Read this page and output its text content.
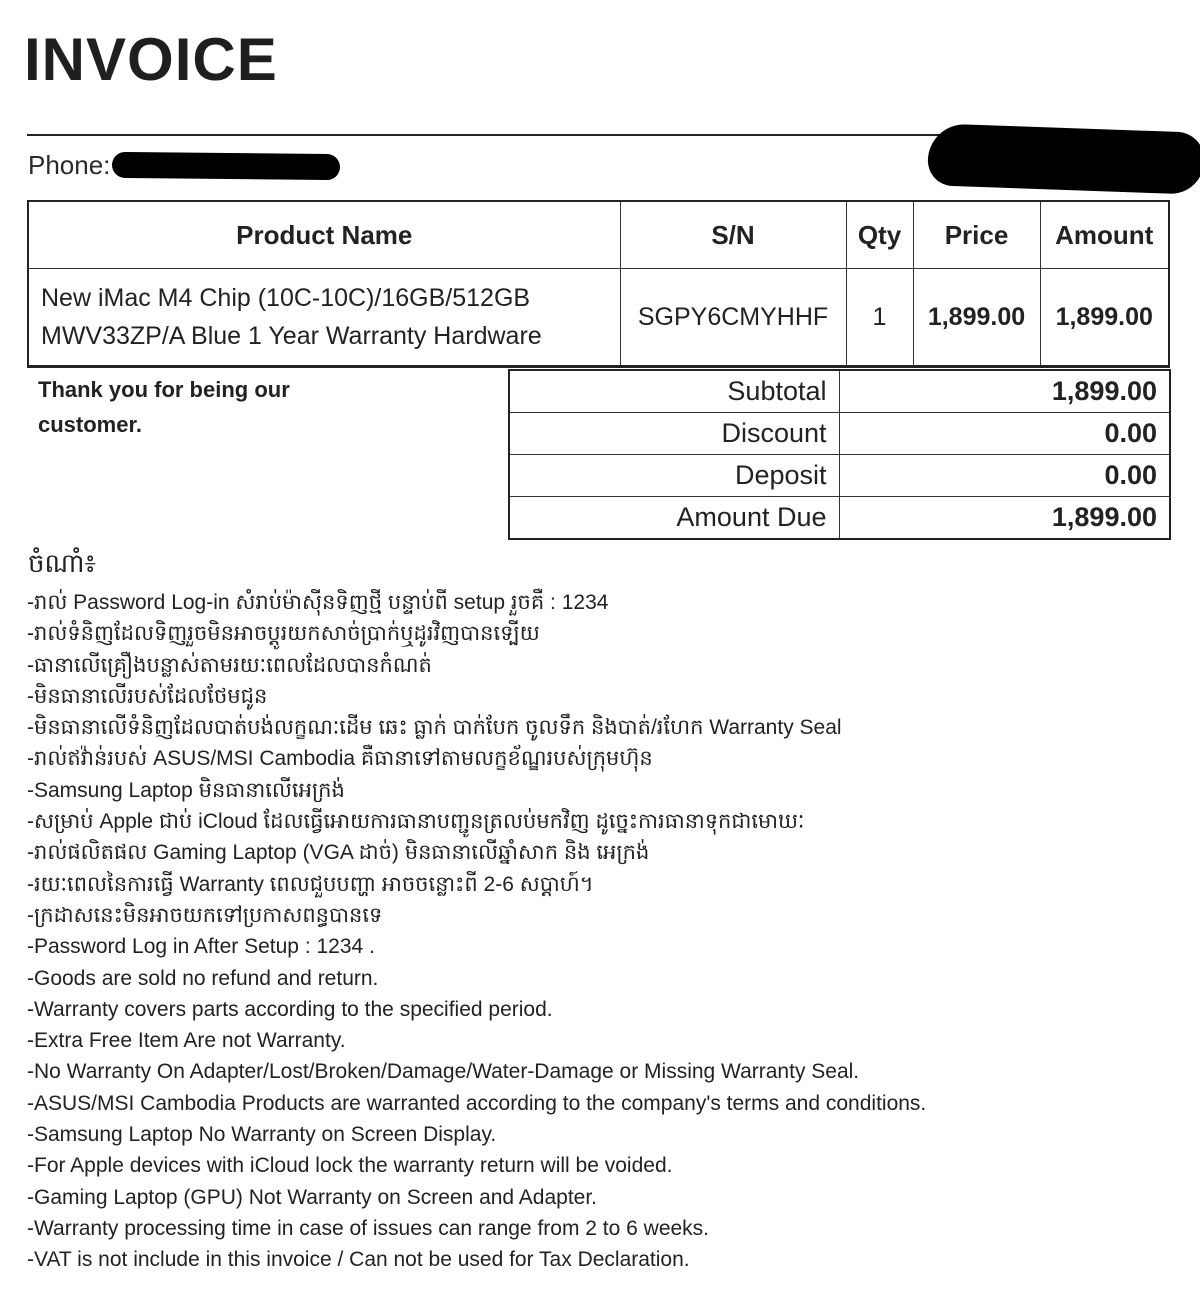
INVOICE
Phone:
Product Name	S/N	Qty	Price	Amount

New iMac M4 Chip (10C-10C)/16GB/512GB
MWV33ZP/A Blue 1 Year Warranty Hardware	SGPY6CMYHHF	1	1,899.00	1,899.00
Thank you for being our customer.
Subtotal	1,899.00
Discount	0.00
Deposit	0.00
Amount Due	1,899.00
ចំណាំ៖
-រាល់ Password Log-in សំរាប់ម៉ាស៊ីនទិញថ្មី បន្ទាប់ពី setup រួចគឺ : 1234
-រាល់ទំនិញដែលទិញរួចមិនអាចប្តូរយកសាច់ប្រាក់ឬដូរវិញបានទ្បើយ
-ធានាលើគ្រឿងបន្លាស់តាមរយៈពេលដែលបានកំណត់
-មិនធានាលើរបស់ដែលថែមជូន
-មិនធានាលើទំនិញដែលបាត់បង់លក្ខណៈដើម ឆេះ ធ្លាក់ បាក់បែក ចូលទឹក និងបាត់/រហែក Warranty Seal
-រាល់ឥវ៉ាន់របស់ ASUS/MSI Cambodia គឺធានាទៅតាមលក្ខខ័ណ្ឌរបស់ក្រុមហ៊ុន
-Samsung Laptop មិនធានាលើអេក្រង់
-សម្រាប់ Apple ជាប់ iCloud ដែលធ្វើអោយការធានាបញ្ជូនត្រលប់មកវិញ ដូច្នេះការធានាទុកជាមោឃៈ
-រាល់ផលិតផល Gaming Laptop (VGA ដាច់) មិនធានាលើឆ្នាំសាក និង អេក្រង់
-រយៈពេលនៃការធ្វើ Warranty ពេលជួបបញ្ហា អាចចន្លោះពី 2-6 សប្តាហ៍។
-ក្រដាសនេះមិនអាចយកទៅប្រកាសពន្ធបានទេ
-Password Log in After Setup : 1234 .
-Goods are sold no refund and return.
-Warranty covers parts according to the specified period.
-Extra Free Item Are not Warranty.
-No Warranty On Adapter/Lost/Broken/Damage/Water-Damage or Missing Warranty Seal.
-ASUS/MSI Cambodia Products are warranted according to the company's terms and conditions.
-Samsung Laptop No Warranty on Screen Display.
-For Apple devices with iCloud lock the warranty return will be voided.
-Gaming Laptop (GPU) Not Warranty on Screen and Adapter.
-Warranty processing time in case of issues can range from 2 to 6 weeks.
-VAT is not include in this invoice / Can not be used for Tax Declaration.
